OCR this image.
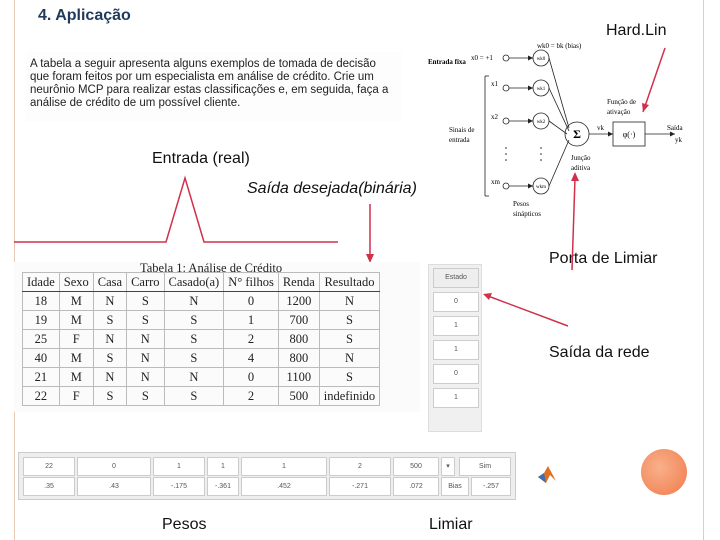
4. Aplicação
A tabela a seguir apresenta alguns exemplos de tomada de decisão que foram feitos por um especialista em análise de crédito. Crie um neurônio MCP para realizar estas classificações e, em seguida, faça a análise de crédito de um possível cliente.
Σ	φ(·)
vk
Entrada fixa x0 = +1
wk0 = bk (bias)
x1
x2
xm
wk0
wk1
wk2
wkm
Sinais de
entrada
Junção
aditiva
Função de
ativação
Saída
yk
Pesos
sinápticos
Hard.Lin
Entrada (real)
Saída desejada(binária)
Porta de Limiar
Saída da rede
Pesos	Limiar
Tabela 1: Análise de Crédito
Idade	Sexo	Casa	Carro	Casado(a)	N° filhos	Renda	Resultado
18	M	N	S	N	0	1200	N
19	M	S	S	S	1	700	S
25	F	N	N	S	2	800	S
40	M	S	N	S	4	800	N
21	M	N	N	N	0	1100	S
22	F	S	S	S	2	500	indefinido
Estado
0
1
1
0
1
22	0	1	1	1	2	500	▾	Sim
.35	.43	-.175	-.361	.452	-.271	.072	Bias	-.257
